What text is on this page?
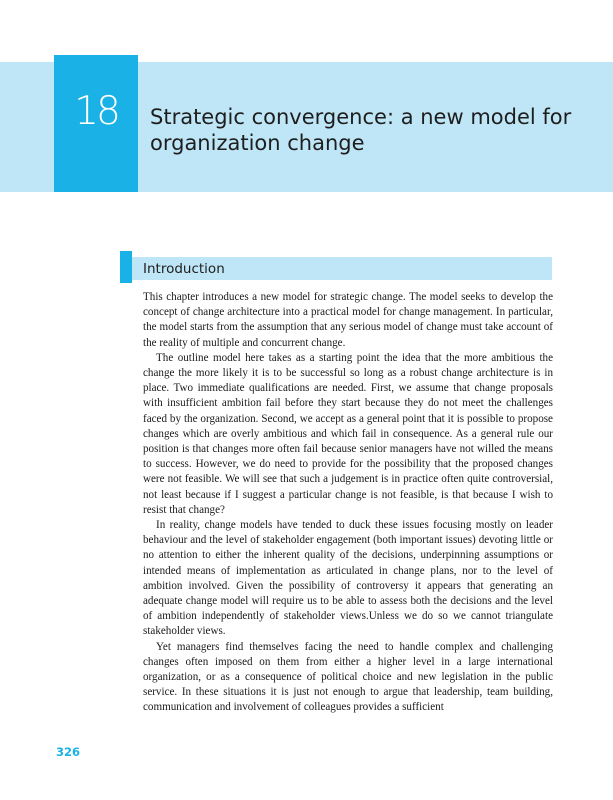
18	Strategic convergence: a new model for organization change
Introduction

This chapter introduces a new model for strategic change. The model seeks to develop the concept of change architecture into a practical model for change management. In particular, the model starts from the assumption that any serious model of change must take account of the reality of multiple and concurrent change.

The outline model here takes as a starting point the idea that the more ambitious the change the more likely it is to be successful so long as a robust change architecture is in place. Two immediate qualifications are needed. First, we assume that change proposals with insufficient ambition fail before they start because they do not meet the challenges faced by the organization. Second, we accept as a general point that it is possible to propose changes which are overly ambitious and which fail in consequence. As a general rule our position is that changes more often fail because senior managers have not willed the means to success. However, we do need to provide for the possibility that the proposed changes were not feasible. We will see that such a judgement is in practice often quite controversial, not least because if I suggest a particular change is not feasible, is that because I wish to resist that change?

In reality, change models have tended to duck these issues focusing mostly on leader behaviour and the level of stakeholder engagement (both important issues) devoting little or no attention to either the inherent quality of the decisions, underpinning assumptions or intended means of implementation as articulated in change plans, nor to the level of ambition involved. Given the possibility of controversy it appears that generating an adequate change model will require us to be able to assess both the decisions and the level of ambition independently of stakeholder views.Unless we do so we cannot triangulate stakeholder views.

Yet managers find themselves facing the need to handle complex and challenging changes often imposed on them from either a higher level in a large international organization, or as a consequence of political choice and new legislation in the public service. In these situations it is just not enough to argue that leadership, team building, communication and involvement of colleagues provides a sufficient

326
